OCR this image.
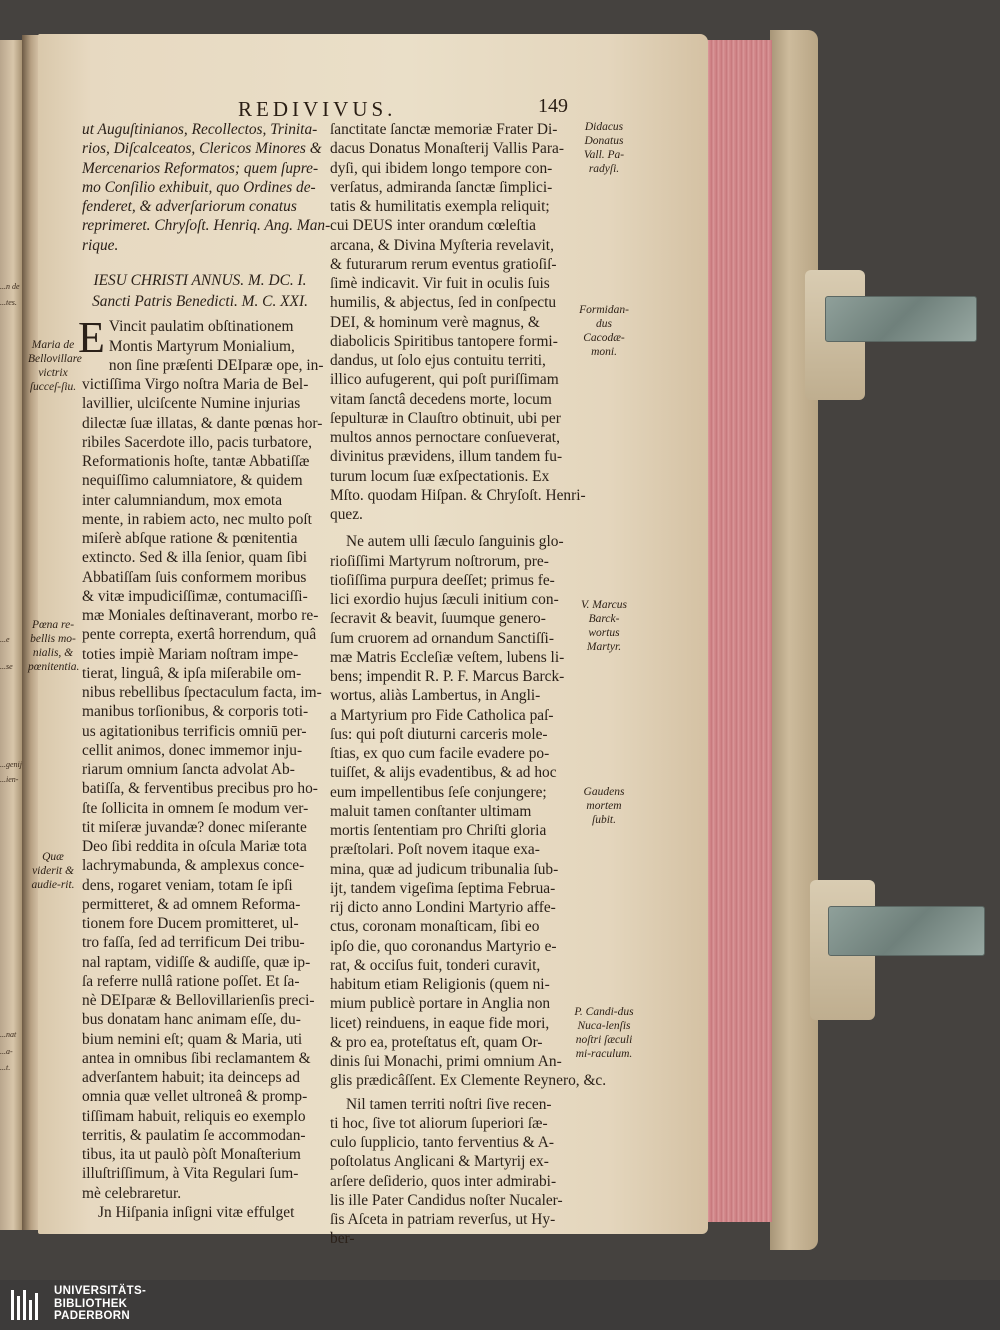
...n de
...tes.
...e
...se
...genij
...ien-
...nat
...a-
...t.
REDIVIVUS.	149
ut Auguſtinianos, Recollectos, Trinita-
rios, Diſcalceatos, Clericos Minores &
Mercenarios Reformatos; quem ſupre-
mo Conſilio exhibuit, quo Ordines de-
fenderet, & adverſariorum conatus
reprimeret. Chryſoſt. Henriq. Ang. Man-
rique.

IESU CHRISTI ANNUS. M. DC. I.

Sancti Patris Benedicti. M. C. XXI.

E Vincit paulatim obſtinationem
Montis Martyrum Monialium,
non ſine præſenti DEIparæ ope, in-
victiſſima Virgo noſtra Maria de Bel-
lavillier, ulciſcente Numine injurias
dilectæ ſuæ illatas, & dante pœnas hor-
ribiles Sacerdote illo, pacis turbatore,
Reformationis hoſte, tantæ Abbatiſſæ
nequiſſimo calumniatore, & quidem
inter calumniandum, mox emota
mente, in rabiem acto, nec multo poſt
miſerè abſque ratione & pœnitentia
extincto. Sed & illa ſenior, quam ſibi
Abbatiſſam ſuis conformem moribus
& vitæ impudiciſſimæ, contumaciſſi-
mæ Moniales deſtinaverant, morbo re-
pente correpta, exertâ horrendum, quâ
toties impiè Mariam noſtram impe-
tierat, linguâ, & ipſa miſerabile om-
nibus rebellibus ſpectaculum facta, im-
manibus torſionibus, & corporis toti-
us agitationibus terrificis omniū per-
cellit animos, donec immemor inju-
riarum omnium ſancta advolat Ab-
batiſſa, & ferventibus precibus pro ho-
ſte ſollicita in omnem ſe modum ver-
tit miſeræ juvandæ? donec miſerante
Deo ſibi reddita in oſcula Mariæ tota
lachrymabunda, & amplexus conce-
dens, rogaret veniam, totam ſe ipſi
permitteret, & ad omnem Reforma-
tionem fore Ducem promitteret, ul-
tro faſſa, ſed ad terrificum Dei tribu-
nal raptam, vidiſſe & audiſſe, quæ ip-
ſa referre nullâ ratione poſſet. Et ſa-
nè DEIparæ & Bellovillarienſis preci-
bus donatam hanc animam eſſe, du-
bium nemini eſt; quam & Maria, uti
antea in omnibus ſibi reclamantem &
adverſantem habuit; ita deinceps ad
omnia quæ vellet ultroneâ & promp-
tiſſimam habuit, reliquis eo exemplo
territis, & paulatim ſe accommodan-
tibus, ita ut paulò pòſt Monaſterium
illuſtriſſimum, à Vita Regulari ſum-
mè celebraretur.

Jn Hiſpania inſigni vitæ effulget

ſanctitate ſanctæ memoriæ Frater Di-
dacus Donatus Monaſterij Vallis Para-
dyſi, qui ibidem longo tempore con-
verſatus, admiranda ſanctæ ſimplici-
tatis & humilitatis exempla reliquit;
cui DEUS inter orandum cœleſtia
arcana, & Divina Myſteria revelavit,
& futurarum rerum eventus gratioſiſ-
ſimè indicavit. Vir fuit in oculis ſuis
humilis, & abjectus, ſed in conſpectu
DEI, & hominum verè magnus, &
diabolicis Spiritibus tantopere formi-
dandus, ut ſolo ejus contuitu territi,
illico aufugerent, qui poſt puriſſimam
vitam ſanctâ decedens morte, locum
ſepulturæ in Clauſtro obtinuit, ubi per
multos annos pernoctare conſueverat,
divinitus prævidens, illum tandem fu-
turum locum ſuæ exſpectationis. Ex
Mſto. quodam Hiſpan. & Chryſoſt. Henri-
quez.
Ne autem ulli ſæculo ſanguinis glo-
rioſiſſimi Martyrum noſtrorum, pre-
tioſiſſima purpura deeſſet; primus fe-
lici exordio hujus ſæculi initium con-
ſecravit & beavit, ſuumque genero-
ſum cruorem ad ornandum Sanctiſſi-
mæ Matris Eccleſiæ veſtem, lubens li-
bens; impendit R. P. F. Marcus Barck-
wortus, aliàs Lambertus, in Angli-
a Martyrium pro Fide Catholica paſ-
ſus: qui poſt diuturni carceris mole-
ſtias, ex quo cum facile evadere po-
tuiſſet, & alijs evadentibus, & ad hoc
eum impellentibus ſeſe conjungere;
maluit tamen conſtanter ultimam
mortis ſententiam pro Chriſti gloria
præſtolari. Poſt novem itaque exa-
mina, quæ ad judicum tribunalia ſub-
ijt, tandem vigeſima ſeptima Februa-
rij dicto anno Londini Martyrio affe-
ctus, coronam monaſticam, ſibi eo
ipſo die, quo coronandus Martyrio e-
rat, & occiſus fuit, tonderi curavit,
habitum etiam Religionis (quem ni-
mium publicè portare in Anglia non
licet) reinduens, in eaque fide mori,
& pro ea, proteſtatus eſt, quam Or-
dinis ſui Monachi, primi omnium An-
glis prædicâſſent. Ex Clemente Reynero, &c.
Nil tamen territi noſtri ſive recen-
ti hoc, ſive tot aliorum ſuperiori ſæ-
culo ſupplicio, tanto ferventius & A-
poſtolatus Anglicani & Martyrij ex-
arſere deſiderio, quos inter admirabi-
lis ille Pater Candidus noſter Nucaler-
ſis Aſceta in patriam reverſus, ut Hy-
ber-
Maria de Bellovillare victrix ſucceſ-ſiu.
Pœna re-bellis mo-nialis, & pœnitentia.
Quæ viderit & audie-rit.
Didacus Donatus Vall. Pa-radyſi.
Formidan-dus Cacodæ-moni.
V. Marcus Barck-wortus Martyr.
Gaudens mortem ſubit.
P. Candi-dus Nuca-lenſis noſtri ſæculi mi-raculum.
UNIVERSITÄTS-
BIBLIOTHEK
PADERBORN
